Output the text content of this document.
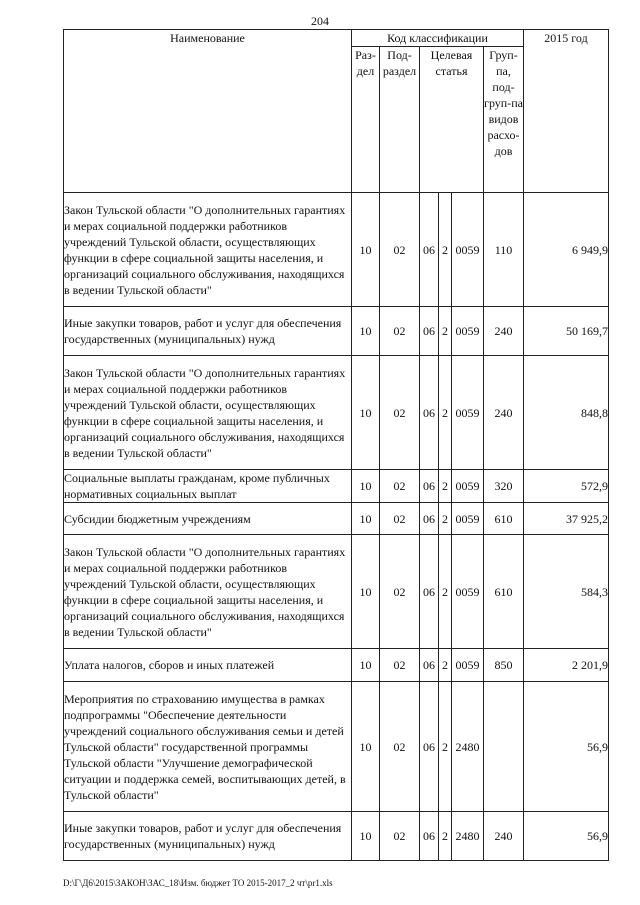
204
Наименование	Код классификации						2015 год
	Раз-дел	Под-раздел	Целевая статья			Груп-па, под-груп-па видов расхо-дов	
Закон Тульской области "О дополнительных гарантиях и мерах социальной поддержки работников учреждений Тульской области, осуществляющих функции в сфере социальной защиты населения, и организаций социального обслуживания, находящихся в ведении Тульской области"	10	02	06	2	0059	110	6 949,9
Иные закупки товаров, работ и услуг для обеспечения государственных (муниципальных) нужд	10	02	06	2	0059	240	50 169,7
Закон Тульской области "О дополнительных гарантиях и мерах социальной поддержки работников учреждений Тульской области, осуществляющих функции в сфере социальной защиты населения, и организаций социального обслуживания, находящихся в ведении Тульской области"	10	02	06	2	0059	240	848,8
Социальные выплаты гражданам, кроме публичных нормативных социальных выплат	10	02	06	2	0059	320	572,9
Субсидии бюджетным учреждениям	10	02	06	2	0059	610	37 925,2
Закон Тульской области "О дополнительных гарантиях и мерах социальной поддержки работников учреждений Тульской области, осуществляющих функции в сфере социальной защиты населения, и организаций социального обслуживания, находящихся в ведении Тульской области"	10	02	06	2	0059	610	584,3
Уплата налогов, сборов и иных платежей	10	02	06	2	0059	850	2 201,9
Мероприятия по страхованию имущества в рамках подпрограммы "Обеспечение деятельности учреждений социального обслуживания семьи и детей Тульской области" государственной программы Тульской области "Улучшение демографической ситуации и поддержка семей, воспитывающих детей, в Тульской области"	10	02	06	2	2480		56,9
Иные закупки товаров, работ и услуг для обеспечения государственных (муниципальных) нужд	10	02	06	2	2480	240	56,9
D:\Г\Д6\2015\ЗАКОН\ЗАС_18\Изм. бюджет ТО 2015-2017_2 чт\pr1.xls
